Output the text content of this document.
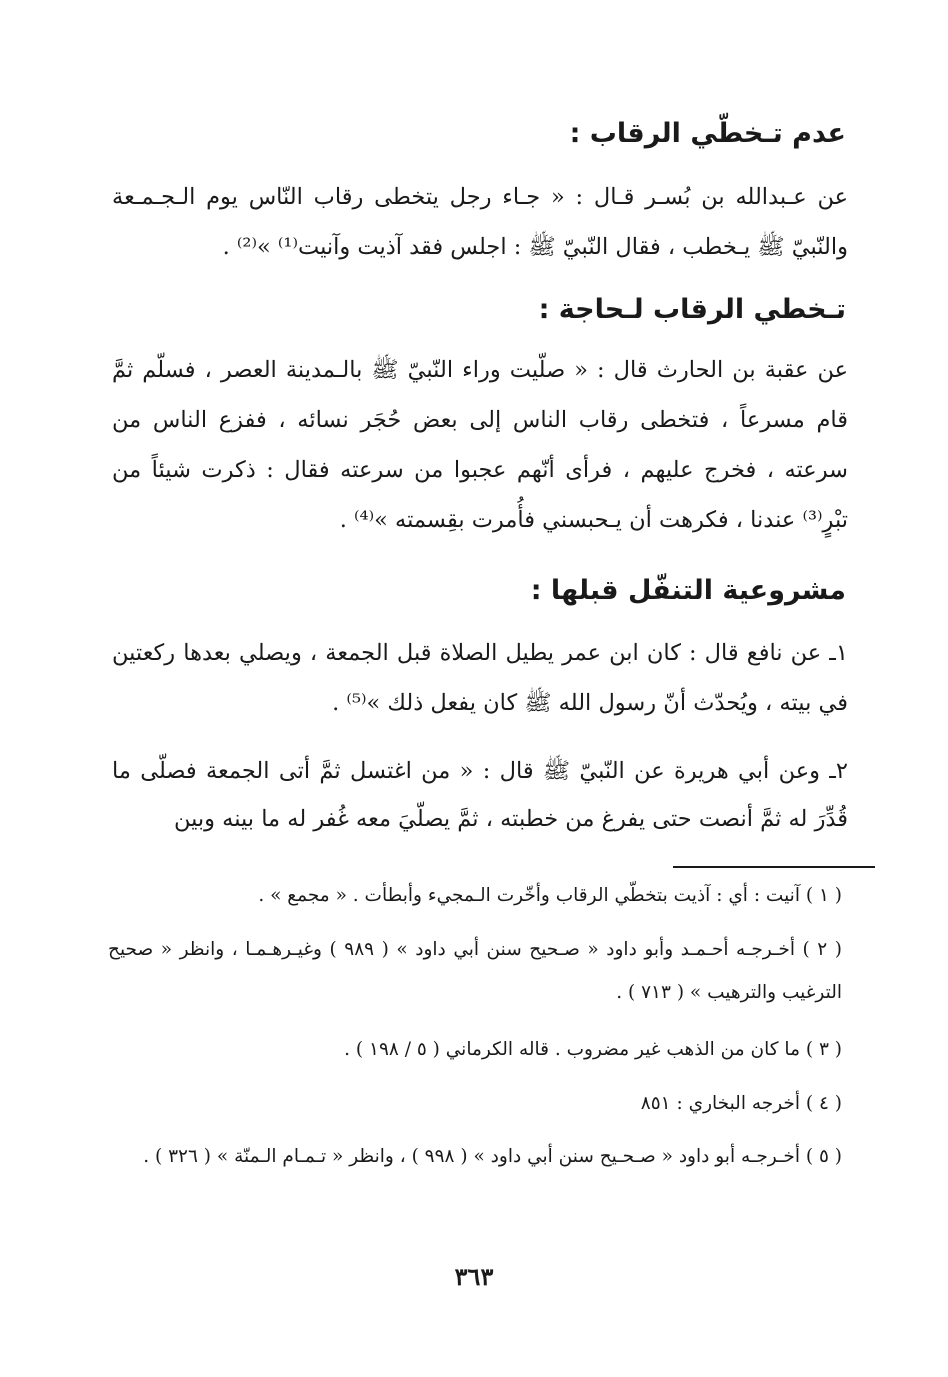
عدم تـخطّي الرقاب :
عن عـبدالله بن بُسـر قـال : « جـاء رجل يتخطى رقاب النّاس يوم الـجـمـعة والنّبيّ ﷺ يـخطب ، فقال النّبيّ ﷺ : اجلس فقد آذيت وآنيت⁽¹⁾ »⁽²⁾ .
تـخطي الرقاب لـحاجة :
عن عقبة بن الحارث قال : « صلّيت وراء النّبيّ ﷺ بالـمدينة العصر ، فسلّم ثمَّ قام مسرعاً ، فتخطى رقاب الناس إلى بعض حُجَر نسائه ، ففزع الناس من سرعته ، فخرج عليهم ، فرأى أنّهم عجبوا من سرعته فقال : ذكرت شيئاً من تبْرٍ⁽³⁾ عندنا ، فكرهت أن يـحبسني فأُمرت بقِسمته »⁽⁴⁾ .
مشروعية التنفّل قبلها :
١ـ عن نافع قال : كان ابن عمر يطيل الصلاة قبل الجمعة ، ويصلي بعدها ركعتين في بيته ، ويُحدّث أنّ رسول الله ﷺ كان يفعل ذلك »⁽⁵⁾ .
٢ـ وعن أبي هريرة عن النّبيّ ﷺ قال : « من اغتسل ثمَّ أتى الجمعة فصلّى ما قُدِّرَ له ثمَّ أنصت حتى يفرغ من خطبته ، ثمَّ يصلّيَ معه غُفر له ما بينه وبين
( ١ ) آنيت : أي : آذيت بتخطّي الرقاب وأخّرت الـمجيء وأبطأت . « مجمع » .
( ٢ ) أخـرجـه أحـمـد وأبو داود « صـحيح سنن أبي داود » ( ٩٨٩ ) وغيـرهـمـا ، وانظر « صحيح الترغيب والترهيب » ( ٧١٣ ) .
( ٣ ) ما كان من الذهب غير مضروب . قاله الكرماني ( ٥ / ١٩٨ ) .
( ٤ ) أخرجه البخاري : ٨٥١
( ٥ ) أخـرجـه أبو داود « صـحـيح سنن أبي داود » ( ٩٩٨ ) ، وانظر « تـمـام الـمنّة » ( ٣٢٦ ) .
٣٦٣
